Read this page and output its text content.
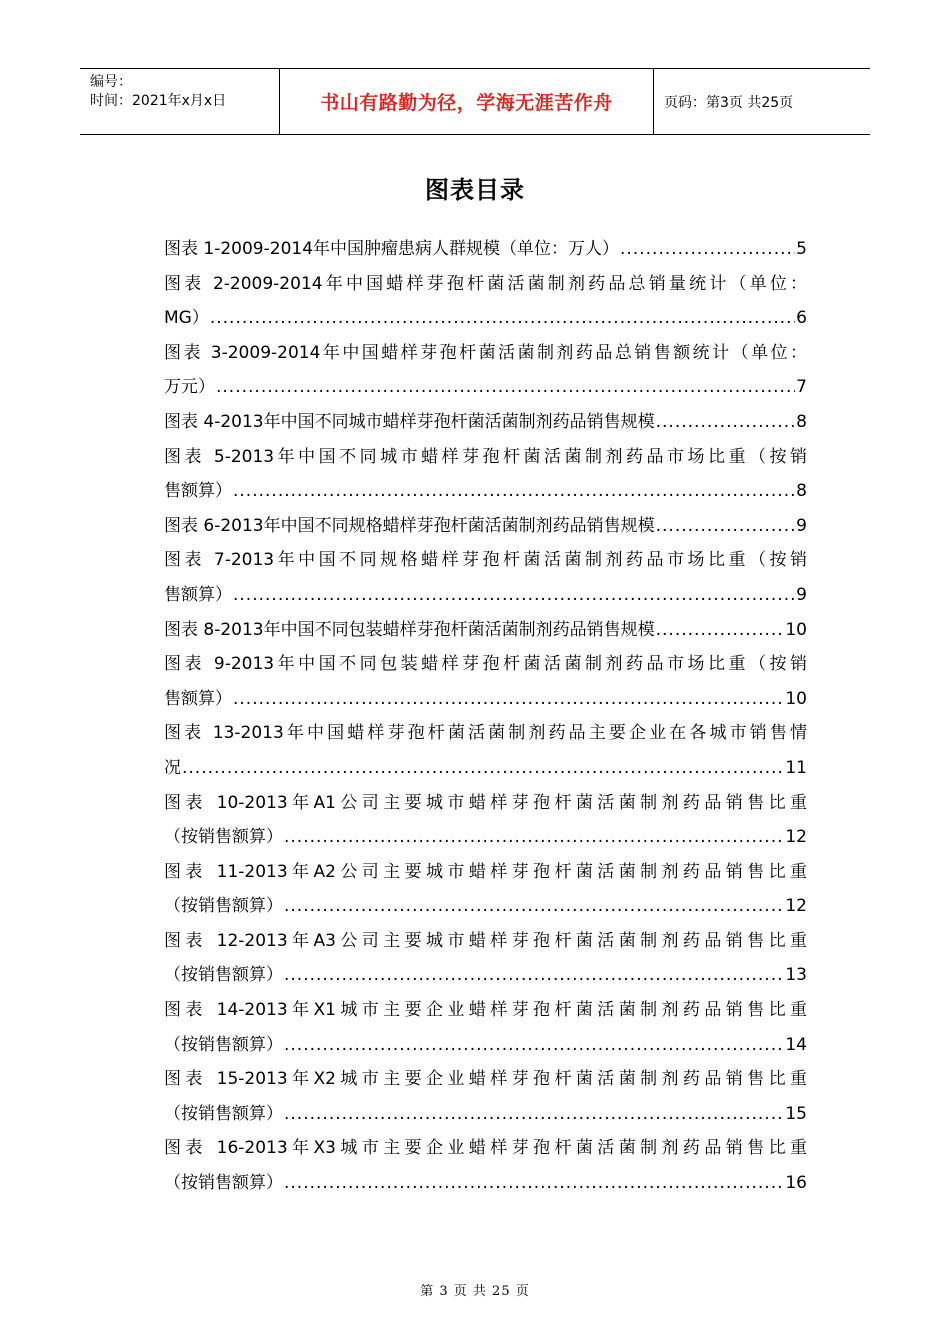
编号：
时间：2021年x月x日	书山有路勤为径，学海无涯苦作舟	页码：第3页 共25页
图表目录
图表 1-2009-2014年中国肿瘤患病人群规模（单位：万人） .....	5
图表 2-2009-2014年中国蜡样芽孢杆菌活菌制剂药品总销量统计（单位：
MG） .....	6
图表 3-2009-2014年中国蜡样芽孢杆菌活菌制剂药品总销售额统计（单位：
万元） .....	7
图表 4-2013年中国不同城市蜡样芽孢杆菌活菌制剂药品销售规模 .....	8
图表 5-2013年中国不同城市蜡样芽孢杆菌活菌制剂药品市场比重（按销
售额算） .....	8
图表 6-2013年中国不同规格蜡样芽孢杆菌活菌制剂药品销售规模 .....	9
图表 7-2013年中国不同规格蜡样芽孢杆菌活菌制剂药品市场比重（按销
售额算） .....	9
图表 8-2013年中国不同包装蜡样芽孢杆菌活菌制剂药品销售规模 .....	10
图表 9-2013年中国不同包装蜡样芽孢杆菌活菌制剂药品市场比重（按销
售额算） .....	10
图表 13-2013年中国蜡样芽孢杆菌活菌制剂药品主要企业在各城市销售情
况 .....	11
图表 10-2013年A1公司主要城市蜡样芽孢杆菌活菌制剂药品销售比重
（按销售额算） .....	12
图表 11-2013年A2公司主要城市蜡样芽孢杆菌活菌制剂药品销售比重
（按销售额算） .....	12
图表 12-2013年A3公司主要城市蜡样芽孢杆菌活菌制剂药品销售比重
（按销售额算） .....	13
图表 14-2013年X1城市主要企业蜡样芽孢杆菌活菌制剂药品销售比重
（按销售额算） .....	14
图表 15-2013年X2城市主要企业蜡样芽孢杆菌活菌制剂药品销售比重
（按销售额算） .....	15
图表 16-2013年X3城市主要企业蜡样芽孢杆菌活菌制剂药品销售比重
（按销售额算） .....	16
第 3 页 共 25 页
